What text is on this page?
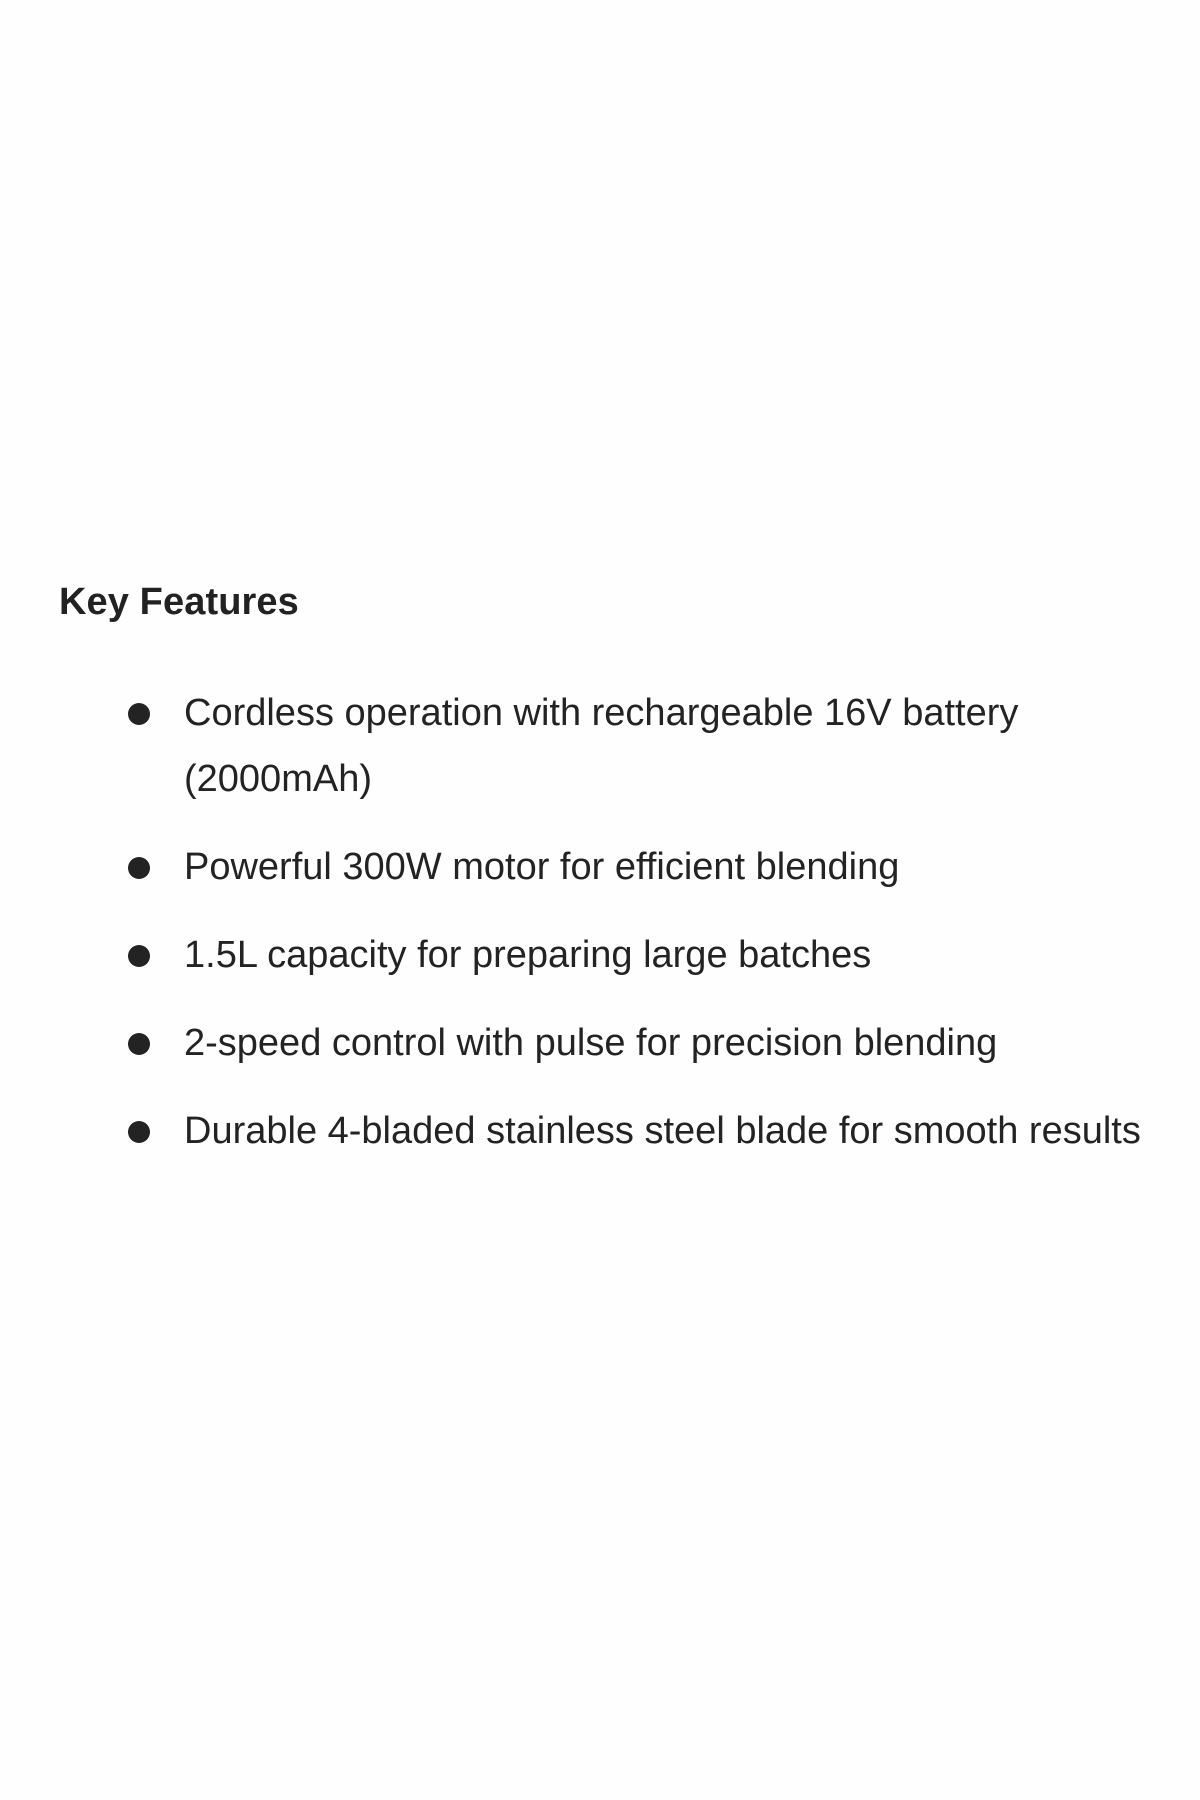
Key Features
Cordless operation with rechargeable 16V battery (2000mAh)
Powerful 300W motor for efficient blending
1.5L capacity for preparing large batches
2-speed control with pulse for precision blending
Durable 4-bladed stainless steel blade for smooth results
